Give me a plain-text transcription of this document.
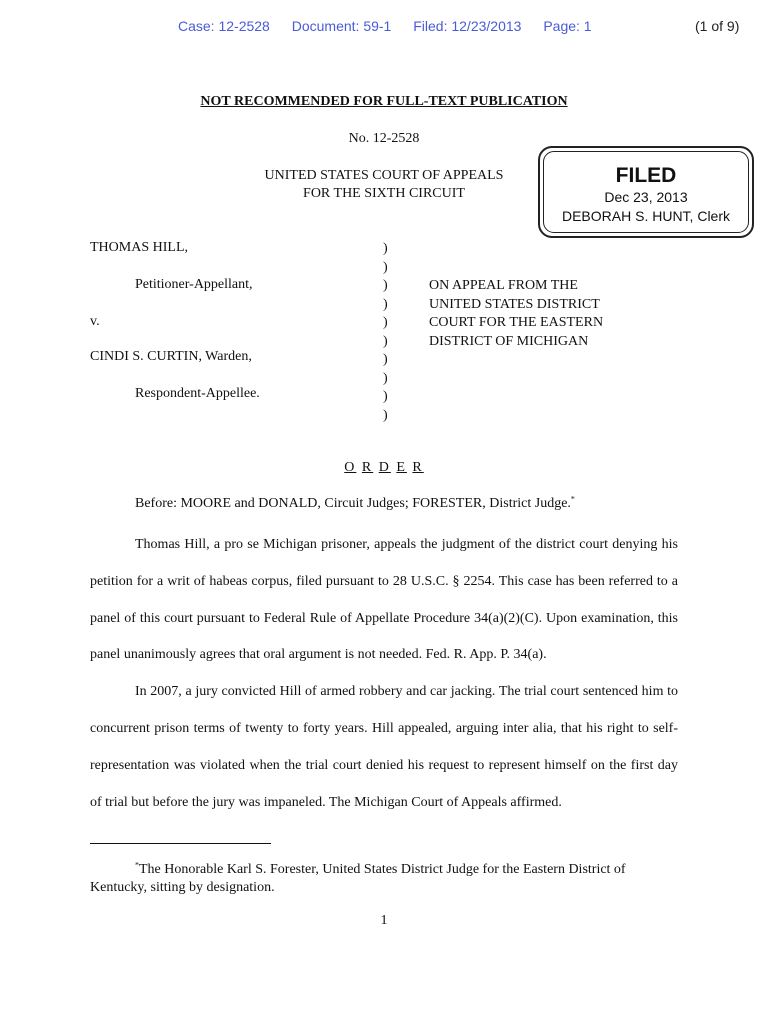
Case: 12-2528 Document: 59-1 Filed: 12/23/2013 Page: 1	(1 of 9)
NOT RECOMMENDED FOR FULL-TEXT PUBLICATION
No. 12-2528
UNITED STATES COURT OF APPEALS
FOR THE SIXTH CIRCUIT
FILED
Dec 23, 2013
DEBORAH S. HUNT, Clerk
THOMAS HILL,
Petitioner-Appellant,
v.
CINDI S. CURTIN, Warden,
Respondent-Appellee.
)
)
)
)
)
)
)
)
)
)
ON APPEAL FROM THE
UNITED STATES DISTRICT
COURT FOR THE EASTERN
DISTRICT OF MICHIGAN
O R D E R
Before: MOORE and DONALD, Circuit Judges; FORESTER, District Judge.*

Thomas Hill, a pro se Michigan prisoner, appeals the judgment of the district court denying his petition for a writ of habeas corpus, filed pursuant to 28 U.S.C. § 2254. This case has been referred to a panel of this court pursuant to Federal Rule of Appellate Procedure 34(a)(2)(C). Upon examination, this panel unanimously agrees that oral argument is not needed. Fed. R. App. P. 34(a).

In 2007, a jury convicted Hill of armed robbery and car jacking. The trial court sentenced him to concurrent prison terms of twenty to forty years. Hill appealed, arguing inter alia, that his right to self-representation was violated when the trial court denied his request to represent himself on the first day of trial but before the jury was impaneled. The Michigan Court of Appeals affirmed.

*The Honorable Karl S. Forester, United States District Judge for the Eastern District of Kentucky, sitting by designation.

1
